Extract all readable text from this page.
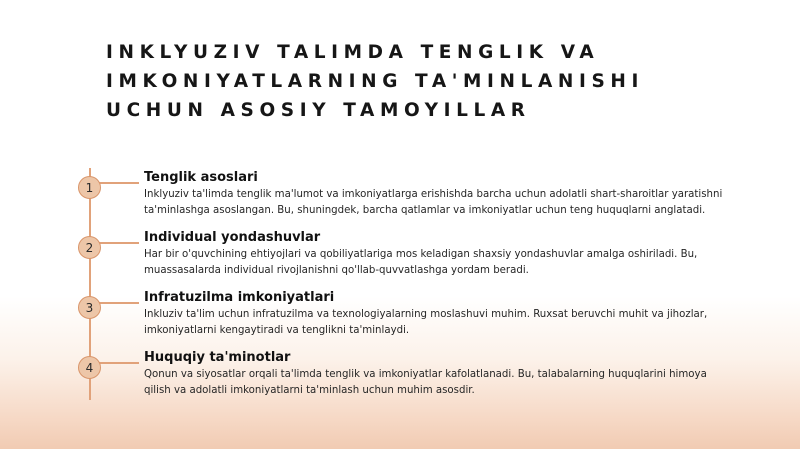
INKLYUZIV TALIMDA TENGLIK VA IMKONIYATLARNING TA'MINLANISHI UCHUN ASOSIY TAMOYILLAR
1
Tenglik asoslari
Inklyuziv ta'limda tenglik ma'lumot va imkoniyatlarga erishishda barcha uchun adolatli shart-sharoitlar yaratishni ta'minlashga asoslangan. Bu, shuningdek, barcha qatlamlar va imkoniyatlar uchun teng huquqlarni anglatadi.
2
Individual yondashuvlar
Har bir o'quvchining ehtiyojlari va qobiliyatlariga mos keladigan shaxsiy yondashuvlar amalga oshiriladi. Bu, muassasalarda individual rivojlanishni qo'llab-quvvatlashga yordam beradi.
3
Infratuzilma imkoniyatlari
Inkluziv ta'lim uchun infratuzilma va texnologiyalarning moslashuvi muhim. Ruxsat beruvchi muhit va jihozlar, imkoniyatlarni kengaytiradi va tenglikni ta'minlaydi.
4
Huquqiy ta'minotlar
Qonun va siyosatlar orqali ta'limda tenglik va imkoniyatlar kafolatlanadi. Bu, talabalarning huquqlarini himoya qilish va adolatli imkoniyatlarni ta'minlash uchun muhim asosdir.
